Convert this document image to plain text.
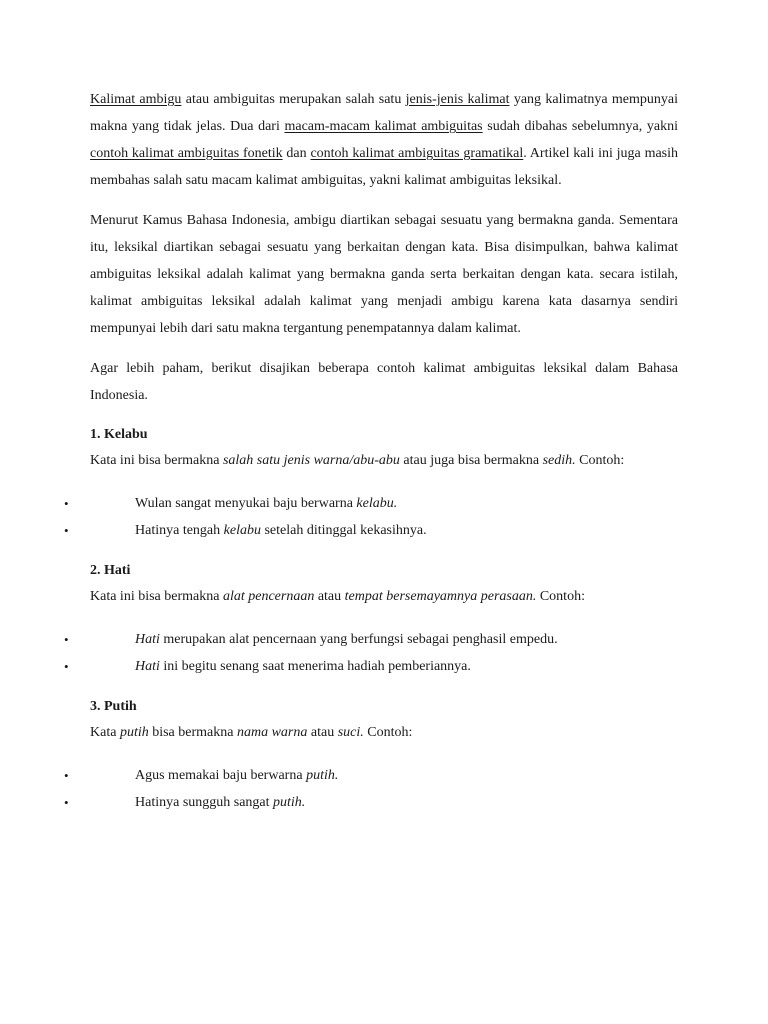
Kalimat ambigu atau ambiguitas merupakan salah satu jenis-jenis kalimat yang kalimatnya mempunyai makna yang tidak jelas. Dua dari macam-macam kalimat ambiguitas sudah dibahas sebelumnya, yakni contoh kalimat ambiguitas fonetik dan contoh kalimat ambiguitas gramatikal. Artikel kali ini juga masih membahas salah satu macam kalimat ambiguitas, yakni kalimat ambiguitas leksikal.

Menurut Kamus Bahasa Indonesia, ambigu diartikan sebagai sesuatu yang bermakna ganda. Sementara itu, leksikal diartikan sebagai sesuatu yang berkaitan dengan kata. Bisa disimpulkan, bahwa kalimat ambiguitas leksikal adalah kalimat yang bermakna ganda serta berkaitan dengan kata. secara istilah, kalimat ambiguitas leksikal adalah kalimat yang menjadi ambigu karena kata dasarnya sendiri mempunyai lebih dari satu makna tergantung penempatannya dalam kalimat.

Agar lebih paham, berikut disajikan beberapa contoh kalimat ambiguitas leksikal dalam Bahasa Indonesia.

1. Kelabu

Kata ini bisa bermakna salah satu jenis warna/abu-abu atau juga bisa bermakna sedih. Contoh:

•	Wulan sangat menyukai baju berwarna kelabu.
•	Hatinya tengah kelabu setelah ditinggal kekasihnya.
2. Hati

Kata ini bisa bermakna alat pencernaan atau tempat bersemayamnya perasaan. Contoh:

•	Hati merupakan alat pencernaan yang berfungsi sebagai penghasil empedu.
•	Hati ini begitu senang saat menerima hadiah pemberiannya.
3. Putih

Kata putih bisa bermakna nama warna atau suci. Contoh:

•	Agus memakai baju berwarna putih.
•	Hatinya sungguh sangat putih.
